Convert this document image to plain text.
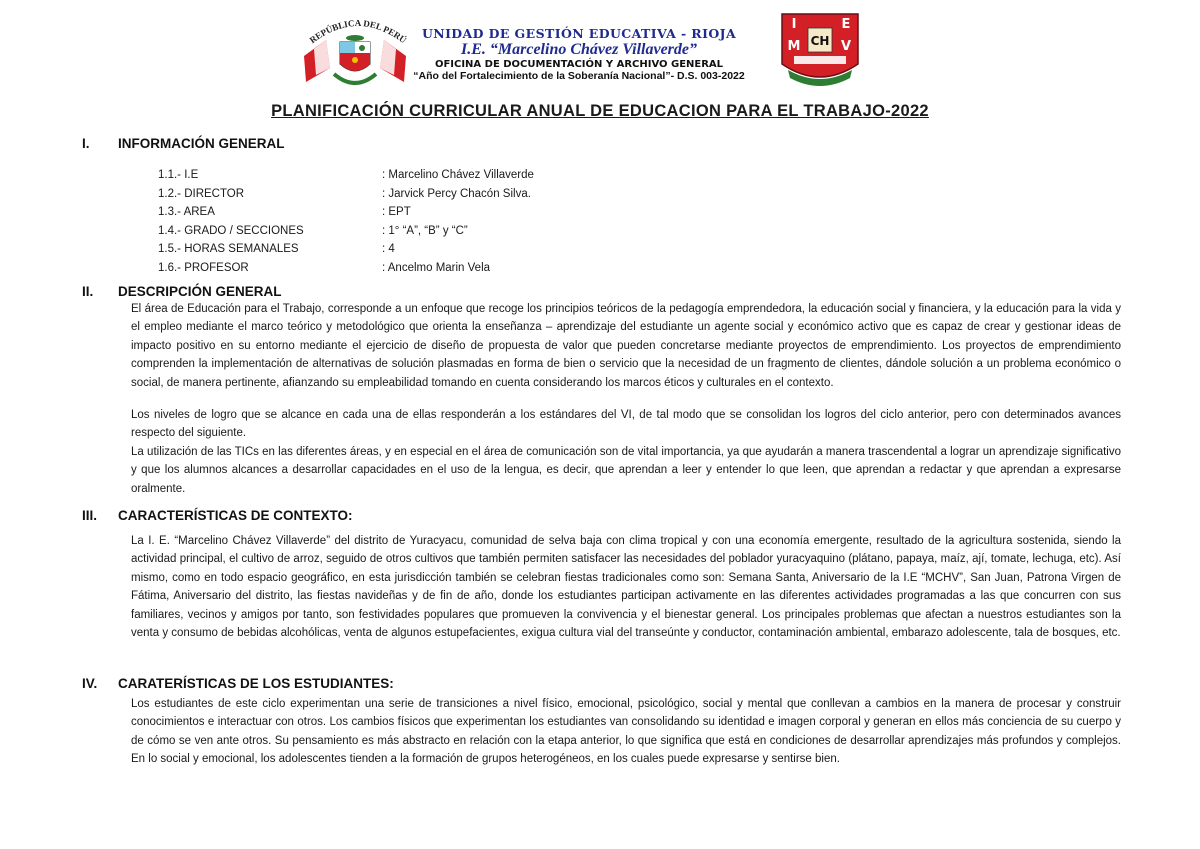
REPÚBLICA DEL PERÚ	UNIDAD DE GESTIÓN EDUCATIVA - RIOJA
I.E. “Marcelino Chávez Villaverde”
OFICINA DE DOCUMENTACIÓN Y ARCHIVO GENERAL
“Año del Fortalecimiento de la Soberanía Nacional”- D.S. 003-2022
I	E
M CH V
PLANIFICACIÓN CURRICULAR ANUAL DE EDUCACION PARA EL TRABAJO-2022
I. INFORMACIÓN GENERAL
1.1.- I.E	: Marcelino Chávez Villaverde
1.2.- DIRECTOR	: Jarvick Percy Chacón Silva.
1.3.- AREA	: EPT
1.4.- GRADO / SECCIONES	: 1° “A”, “B” y “C”
1.5.- HORAS SEMANALES	: 4
1.6.- PROFESOR	: Ancelmo Marin Vela
II. DESCRIPCIÓN GENERAL

El área de Educación para el Trabajo, corresponde a un enfoque que recoge los principios teóricos de la pedagogía emprendedora, la educación social y financiera, y la educación para la vida y el empleo mediante el marco teórico y metodológico que orienta la enseñanza – aprendizaje del estudiante un agente social y económico activo que es capaz de crear y gestionar ideas de impacto positivo en su entorno mediante el ejercicio de diseño de propuesta de valor que pueden concretarse mediante proyectos de emprendimiento. Los proyectos de emprendimiento comprenden la implementación de alternativas de solución plasmadas en forma de bien o servicio que la necesidad de un fragmento de clientes, dándole solución a un problema económico o social, de manera pertinente, afianzando su empleabilidad tomando en cuenta considerando los marcos éticos y culturales en el contexto.

Los niveles de logro que se alcance en cada una de ellas responderán a los estándares del VI, de tal modo que se consolidan los logros del ciclo anterior, pero con determinados avances respecto del siguiente.

La utilización de las TICs en las diferentes áreas, y en especial en el área de comunicación son de vital importancia, ya que ayudarán a manera trascendental a lograr un aprendizaje significativo y que los alumnos alcances a desarrollar capacidades en el uso de la lengua, es decir, que aprendan a leer y entender lo que leen, que aprendan a redactar y que aprendan a expresarse oralmente.

III. CARACTERÍSTICAS DE CONTEXTO:

La I. E. “Marcelino Chávez Villaverde” del distrito de Yuracyacu, comunidad de selva baja con clima tropical y con una economía emergente, resultado de la agricultura sostenida, siendo la actividad principal, el cultivo de arroz, seguido de otros cultivos que también permiten satisfacer las necesidades del poblador yuracyaquino (plátano, papaya, maíz, ají, tomate, lechuga, etc). Así mismo, como en todo espacio geográfico, en esta jurisdicción también se celebran fiestas tradicionales como son: Semana Santa, Aniversario de la I.E “MCHV”, San Juan, Patrona Virgen de Fátima, Aniversario del distrito, las fiestas navideñas y de fin de año, donde los estudiantes participan activamente en las diferentes actividades programadas a las que concurren con sus familiares, vecinos y amigos por tanto, son festividades populares que promueven la convivencia y el bienestar general. Los principales problemas que afectan a nuestros estudiantes son la venta y consumo de bebidas alcohólicas, venta de algunos estupefacientes, exigua cultura vial del transeúnte y conductor, contaminación ambiental, embarazo adolescente, tala de bosques, etc.

IV. CARATERÍSTICAS DE LOS ESTUDIANTES:

Los estudiantes de este ciclo experimentan una serie de transiciones a nivel físico, emocional, psicológico, social y mental que conllevan a cambios en la manera de procesar y construir conocimientos e interactuar con otros. Los cambios físicos que experimentan los estudiantes van consolidando su identidad e imagen corporal y generan en ellos más conciencia de su cuerpo y de cómo se ven ante otros. Su pensamiento es más abstracto en relación con la etapa anterior, lo que significa que está en condiciones de desarrollar aprendizajes más profundos y complejos. En lo social y emocional, los adolescentes tienden a la formación de grupos heterogéneos, en los cuales puede expresarse y sentirse bien.
